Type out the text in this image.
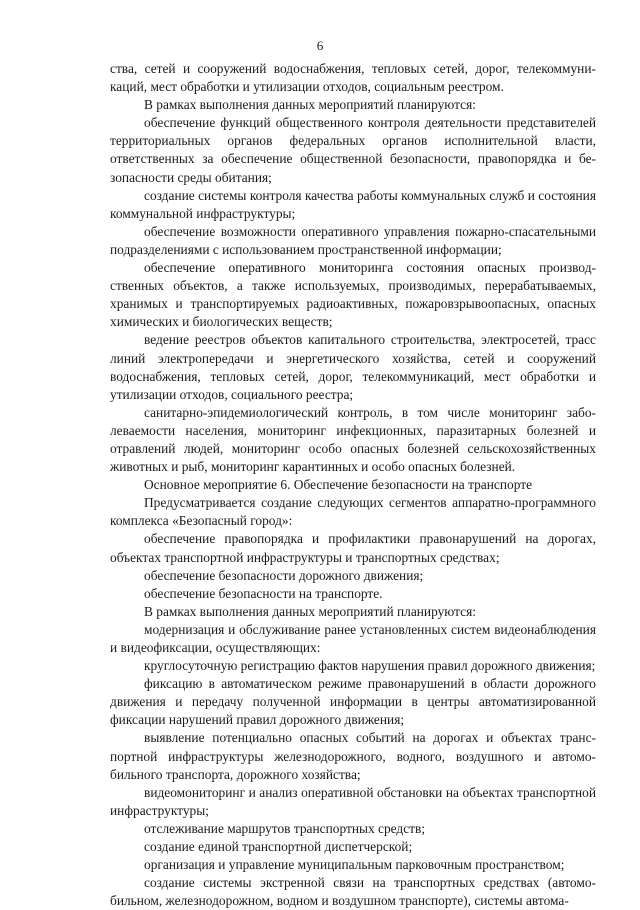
6

ства, сетей и сооружений водоснабжения, тепловых сетей, дорог, телекоммуникаций, мест обработки и утилизации отходов, социальным реестром.

В рамках выполнения данных мероприятий планируются:

обеспечение функций общественного контроля деятельности представителей территориальных органов федеральных органов исполнительной власти, ответственных за обеспечение общественной безопасности, правопорядка и безопасности среды обитания;

создание системы контроля качества работы коммунальных служб и состояния коммунальной инфраструктуры;

обеспечение возможности оперативного управления пожарно-спасательными подразделениями с использованием пространственной информации;

обеспечение оперативного мониторинга состояния опасных производственных объектов, а также используемых, производимых, перерабатываемых, хранимых и транспортируемых радиоактивных, пожаровзрывоопасных, опасных химических и биологических веществ;

ведение реестров объектов капитального строительства, электросетей, трасс линий электропередачи и энергетического хозяйства, сетей и сооружений водоснабжения, тепловых сетей, дорог, телекоммуникаций, мест обработки и утилизации отходов, социального реестра;

санитарно-эпидемиологический контроль, в том числе мониторинг заболеваемости населения, мониторинг инфекционных, паразитарных болезней и отравлений людей, мониторинг особо опасных болезней сельскохозяйственных животных и рыб, мониторинг карантинных и особо опасных болезней.

Основное мероприятие 6. Обеспечение безопасности на транспорте

Предусматривается создание следующих сегментов аппаратно-программного комплекса «Безопасный город»:

обеспечение правопорядка и профилактики правонарушений на дорогах, объектах транспортной инфраструктуры и транспортных средствах;

обеспечение безопасности дорожного движения;

обеспечение безопасности на транспорте.

В рамках выполнения данных мероприятий планируются:

модернизация и обслуживание ранее установленных систем видеонаблюдения и видеофиксации, осуществляющих:

круглосуточную регистрацию фактов нарушения правил дорожного движения;

фиксацию в автоматическом режиме правонарушений в области дорожного движения и передачу полученной информации в центры автоматизированной фиксации нарушений правил дорожного движения;

выявление потенциально опасных событий на дорогах и объектах транспортной инфраструктуры железнодорожного, водного, воздушного и автомобильного транспорта, дорожного хозяйства;

видеомониторинг и анализ оперативной обстановки на объектах транспортной инфраструктуры;

отслеживание маршрутов транспортных средств;

создание единой транспортной диспетчерской;

организация и управление муниципальным парковочным пространством;

создание системы экстренной связи на транспортных средствах (автомобильном, железнодорожном, водном и воздушном транспорте), системы автома-
